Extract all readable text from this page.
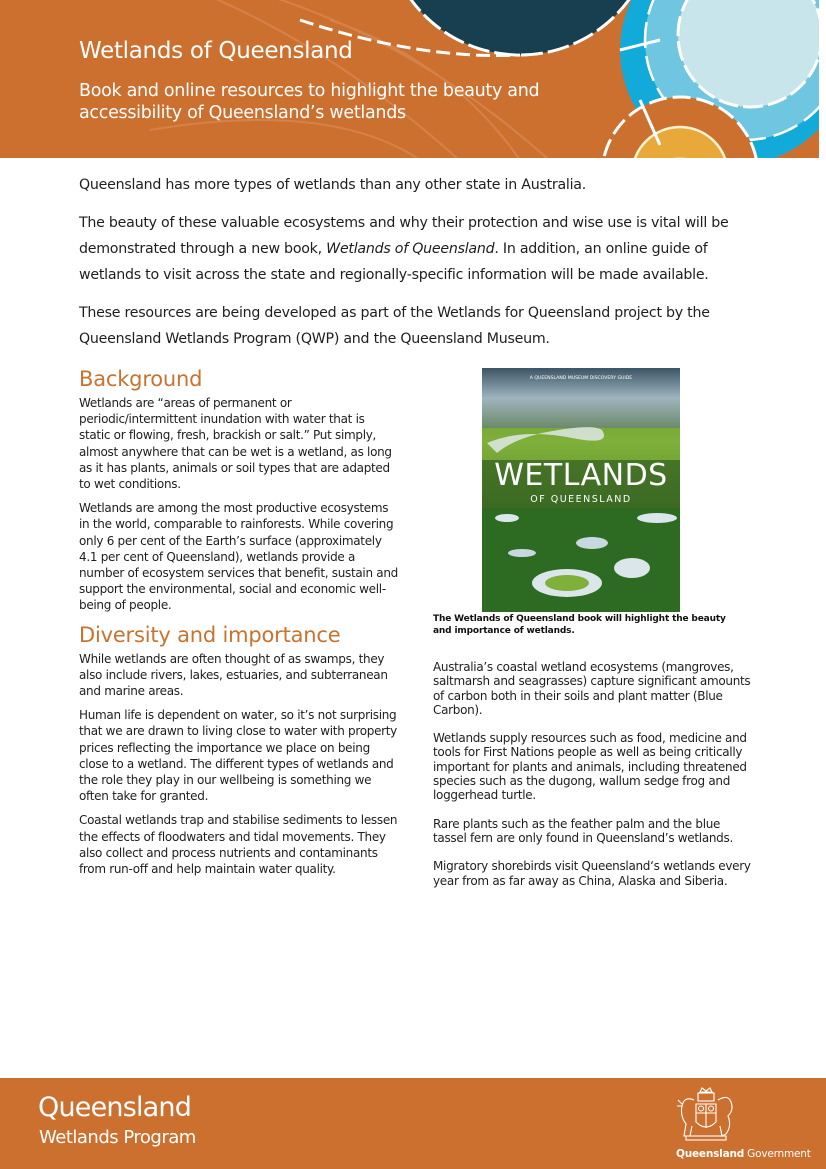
Wetlands of Queensland

Book and online resources to highlight the beauty and accessibility of Queensland’s wetlands

Queensland has more types of wetlands than any other state in Australia.

The beauty of these valuable ecosystems and why their protection and wise use is vital will be demonstrated through a new book, Wetlands of Queensland. In addition, an online guide of wetlands to visit across the state and regionally-specific information will be made available.

These resources are being developed as part of the Wetlands for Queensland project by the Queensland Wetlands Program (QWP) and the Queensland Museum.

Background

Wetlands are “areas of permanent or periodic/intermittent inundation with water that is static or flowing, fresh, brackish or salt.” Put simply, almost anywhere that can be wet is a wetland, as long as it has plants, animals or soil types that are adapted to wet conditions.

Wetlands are among the most productive ecosystems in the world, comparable to rainforests. While covering only 6 per cent of the Earth’s surface (approximately 4.1 per cent of Queensland), wetlands provide a number of ecosystem services that benefit, sustain and support the environmental, social and economic well-being of people.

Diversity and importance

While wetlands are often thought of as swamps, they also include rivers, lakes, estuaries, and subterranean and marine areas.

Human life is dependent on water, so it’s not surprising that we are drawn to living close to water with property prices reflecting the importance we place on being close to a wetland. The different types of wetlands and the role they play in our wellbeing is something we often take for granted.

Coastal wetlands trap and stabilise sediments to lessen the effects of floodwaters and tidal movements. They also collect and process nutrients and contaminants from run-off and help maintain water quality.

A QUEENSLAND MUSEUM DISCOVERY GUIDE
WETLANDS
OF QUEENSLAND
The Wetlands of Queensland book will highlight the beauty and importance of wetlands.

Australia’s coastal wetland ecosystems (mangroves, saltmarsh and seagrasses) capture significant amounts of carbon both in their soils and plant matter (Blue Carbon).

Wetlands supply resources such as food, medicine and tools for First Nations people as well as being critically important for plants and animals, including threatened species such as the dugong, wallum sedge frog and loggerhead turtle.

Rare plants such as the feather palm and the blue tassel fern are only found in Queensland’s wetlands.

Migratory shorebirds visit Queensland‘s wetlands every year from as far away as China, Alaska and Siberia.

Queensland
Wetlands Program
Queensland Government
